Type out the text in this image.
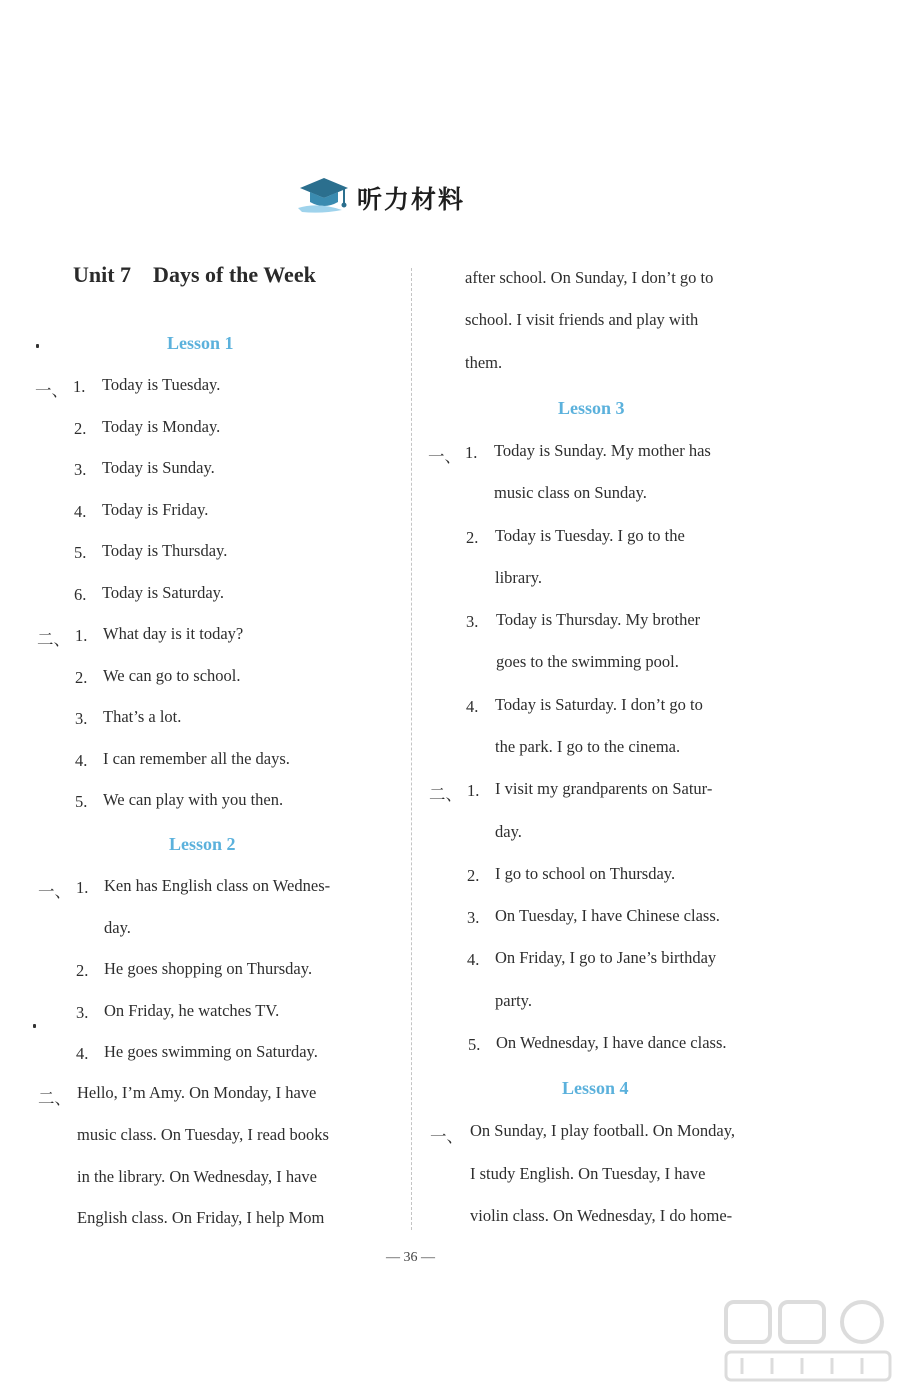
听力材料
Unit 7    Days of the Week
Lesson 1
一、 1. Today is Tuesday.
2. Today is Monday.
3. Today is Sunday.
4. Today is Friday.
5. Today is Thursday.
6. Today is Saturday.
二、 1. What day is it today?
2. We can go to school.
3. That’s a lot.
4. I can remember all the days.
5. We can play with you then.
Lesson 2
一、 1. Ken has English class on Wednes-
day.
2. He goes shopping on Thursday.
3. On Friday, he watches TV.
4. He goes swimming on Saturday.
二、 Hello, I’m Amy. On Monday, I have
music class. On Tuesday, I read books
in the library. On Wednesday, I have
English class. On Friday, I help Mom
after school. On Sunday, I don’t go to
school. I visit friends and play with
them.
Lesson 3
一、 1. Today is Sunday. My mother has
music class on Sunday.
2. Today is Tuesday. I go to the
library.
3. Today is Thursday. My brother
goes to the swimming pool.
4. Today is Saturday. I don’t go to
the park. I go to the cinema.
二、 1. I visit my grandparents on Satur-
day.
2. I go to school on Thursday.
3. On Tuesday, I have Chinese class.
4. On Friday, I go to Jane’s birthday
party.
5. On Wednesday, I have dance class.
Lesson 4
一、 On Sunday, I play football. On Monday,
I study English. On Tuesday, I have
violin class. On Wednesday, I do home-
— 36 —
